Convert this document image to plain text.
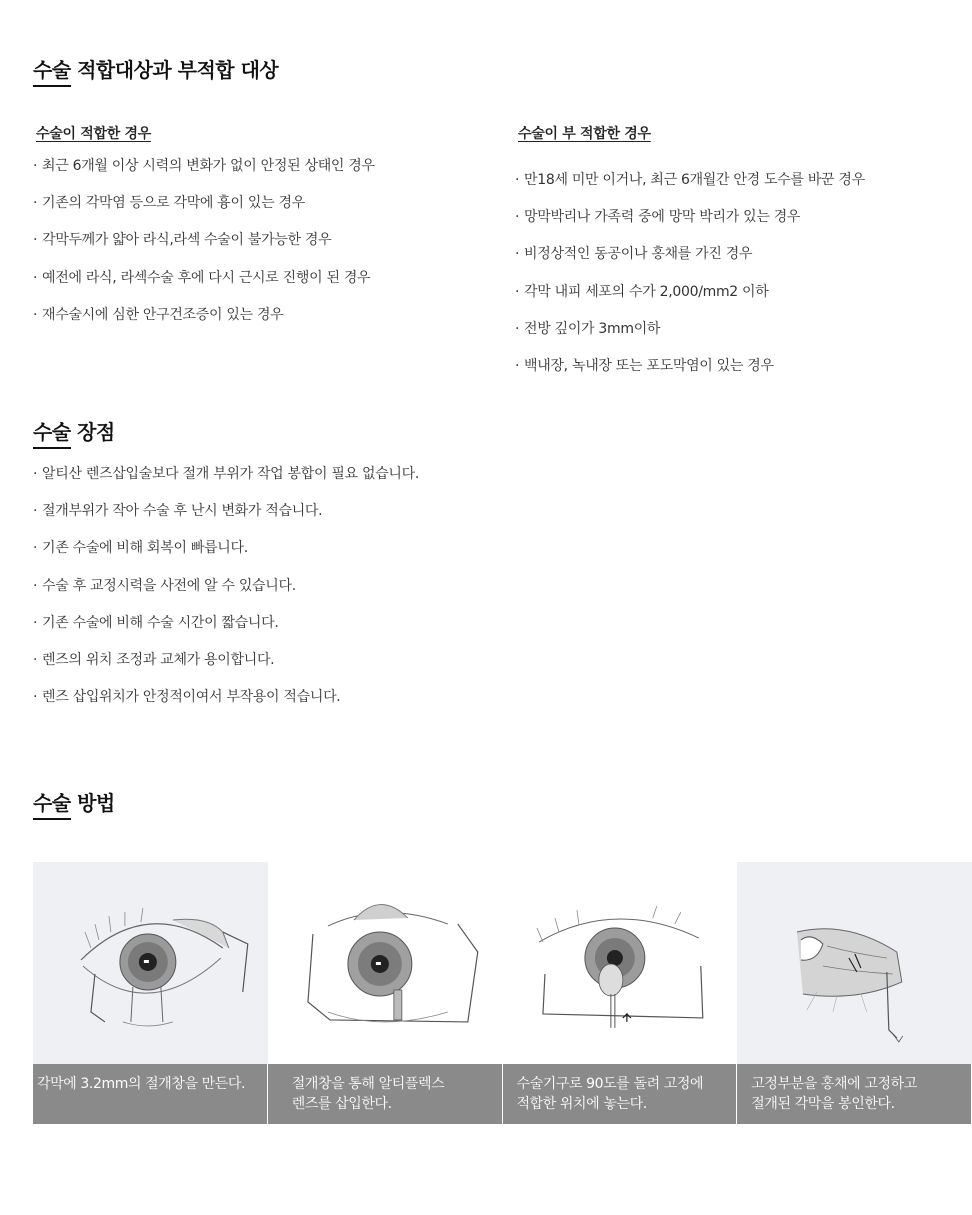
수술 적합대상과 부적합 대상
수술이 적합한 경우
· 최근 6개월 이상 시력의 변화가 없이 안정된 상태인 경우
· 기존의 각막염 등으로 각막에 흉이 있는 경우
· 각막두께가 얇아 라식,라섹 수술이 불가능한 경우
· 예전에 라식, 라섹수술 후에 다시 근시로 진행이 된 경우
· 재수술시에 심한 안구건조증이 있는 경우
수술이 부 적합한 경우
· 만18세 미만 이거나, 최근 6개월간 안경 도수를 바꾼 경우
· 망막박리나 가족력 중에 망막 박리가 있는 경우
· 비정상적인 동공이나 홍채를 가진 경우
· 각막 내피 세포의 수가 2,000/mm2 이하
· 전방 깊이가 3mm이하
· 백내장, 녹내장 또는 포도막염이 있는 경우
수술 장점
· 알티산 렌즈삽입술보다 절개 부위가 작업 봉합이 필요 없습니다.
· 절개부위가 작아 수술 후 난시 변화가 적습니다.
· 기존 수술에 비해 회복이 빠릅니다.
· 수술 후 교정시력을 사전에 알 수 있습니다.
· 기존 수술에 비해 수술 시간이 짧습니다.
· 렌즈의 위치 조정과 교체가 용이합니다.
· 렌즈 삽입위치가 안정적이여서 부작용이 적습니다.
수술 방법
각막에 3.2mm의 절개창을 만든다.	절개창을 통해 알티플렉스
렌즈를 삽입한다.
수술기구로 90도를 돌려 고정에
적합한 위치에 놓는다.
고정부분을 홍채에 고정하고
절개된 각막을 봉인한다.
